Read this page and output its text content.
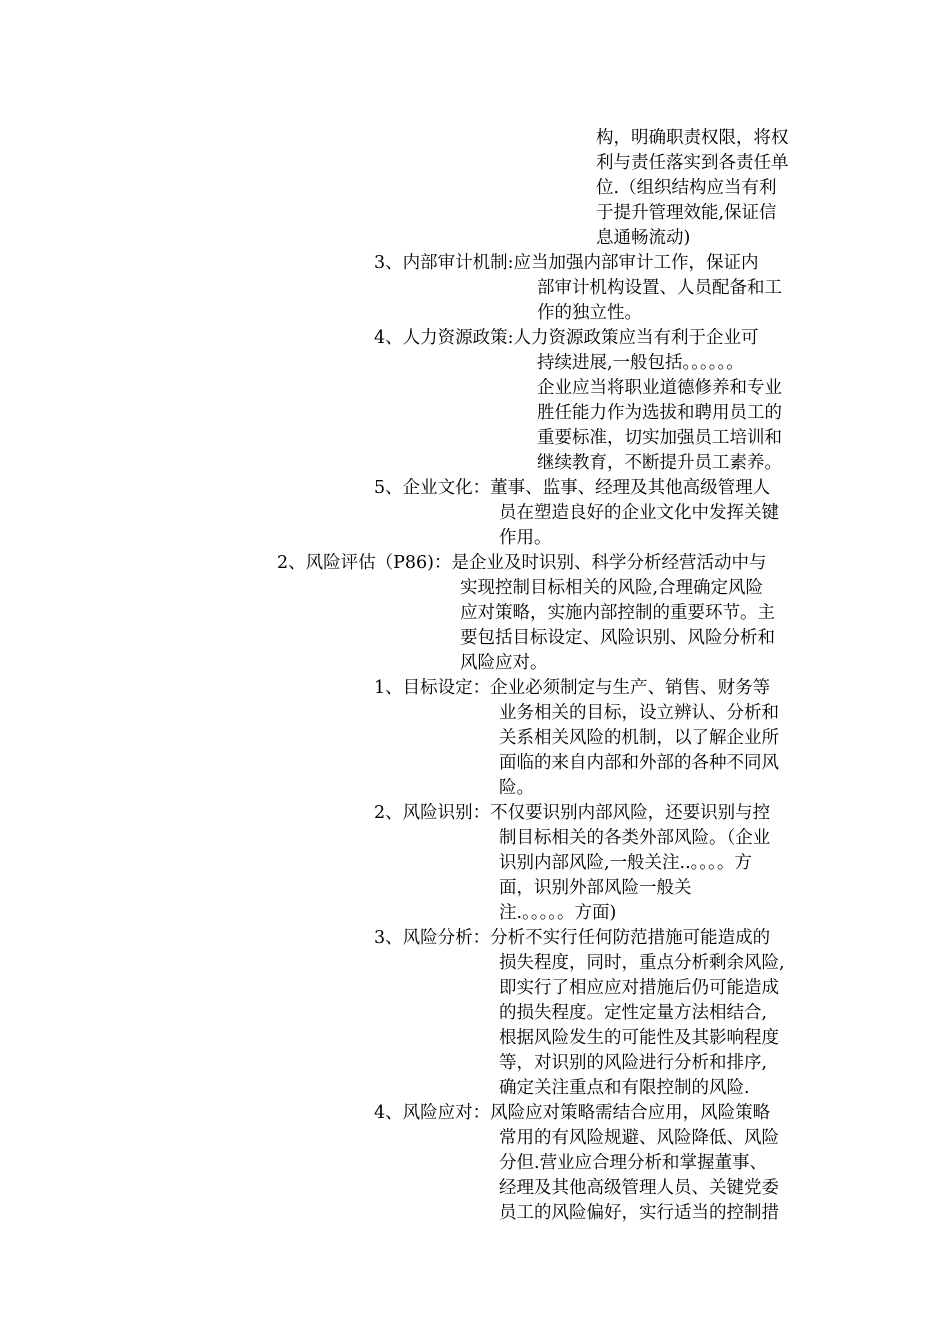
构，明确职责权限，将权
利与责任落实到各责任单
位.（组织结构应当有利
于提升管理效能,保证信
息通畅流动)
3、内部审计机制:应当加强内部审计工作，保证内
部审计机构设置、人员配备和工
作的独立性。
4、人力资源政策:人力资源政策应当有利于企业可
持续进展,一般包括。。。。。。
企业应当将职业道德修养和专业
胜任能力作为选拔和聘用员工的
重要标准，切实加强员工培训和
继续教育，不断提升员工素养。
5、企业文化：董事、监事、经理及其他高级管理人
员在塑造良好的企业文化中发挥关键
作用。
2、风险评估（P86)：是企业及时识别、科学分析经营活动中与
实现控制目标相关的风险,合理确定风险
应对策略，实施内部控制的重要环节。主
要包括目标设定、风险识别、风险分析和
风险应对。
1、目标设定：企业必须制定与生产、销售、财务等
业务相关的目标，设立辨认、分析和
关系相关风险的机制，以了解企业所
面临的来自内部和外部的各种不同风
险。
2、风险识别：不仅要识别内部风险，还要识别与控
制目标相关的各类外部风险。（企业
识别内部风险,一般关注..。。。。方
面，识别外部风险一般关
注.。。。。。方面)
3、风险分析：分析不实行任何防范措施可能造成的
损失程度，同时，重点分析剩余风险,
即实行了相应应对措施后仍可能造成
的损失程度。定性定量方法相结合,
根据风险发生的可能性及其影响程度
等，对识别的风险进行分析和排序,
确定关注重点和有限控制的风险.
4、风险应对：风险应对策略需结合应用，风险策略
常用的有风险规避、风险降低、风险
分但.营业应合理分析和掌握董事、
经理及其他高级管理人员、关键党委
员工的风险偏好，实行适当的控制措
